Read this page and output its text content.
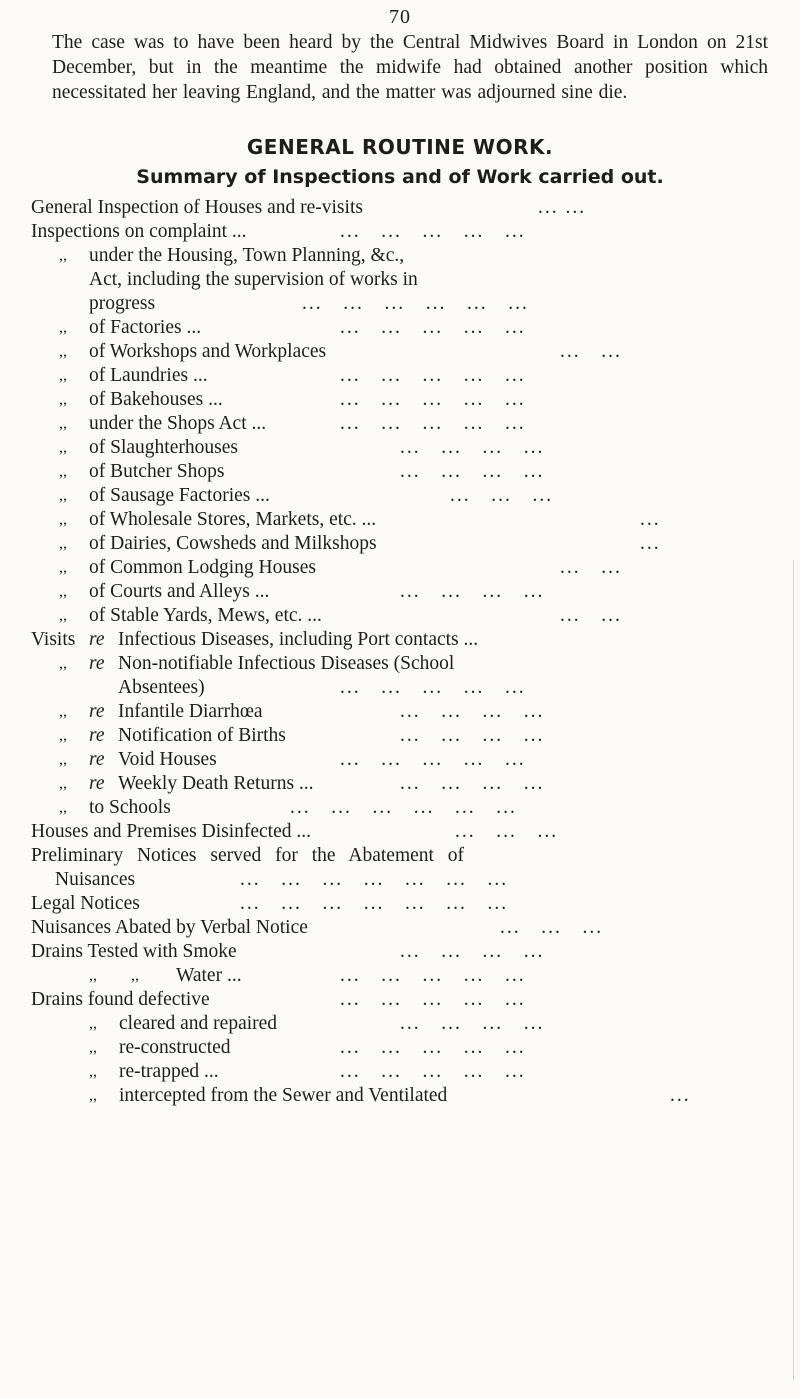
70

The case was to have been heard by the Central Midwives Board in London on 21st December, but in the meantime the midwife had obtained another position which necessitated her leaving England, and the matter was adjourned sine die.

GENERAL ROUTINE WORK.
Summary of Inspections and of Work carried out.
General Inspection of Houses and re-visits	... ...
Inspections on complaint ...	...   ...   ...   ...   ...
,, under the Housing, Town Planning, &c.,
Act, including the supervision of works in
progress	...   ...   ...   ...   ...   ...
,, of Factories ...	...   ...   ...   ...   ...
,, of Workshops and Workplaces	...   ...
,, of Laundries ...	...   ...   ...   ...   ...
,, of Bakehouses ...	...   ...   ...   ...   ...
,, under the Shops Act ...	...   ...   ...   ...   ...
,, of Slaughterhouses	...   ...   ...   ...
,, of Butcher Shops	...   ...   ...   ...
,, of Sausage Factories ...	...   ...   ...
,, of Wholesale Stores, Markets, etc. ...	...
,, of Dairies, Cowsheds and Milkshops	...
,, of Common Lodging Houses	...   ...
,, of Courts and Alleys ...	...   ...   ...   ...
,, of Stable Yards, Mews, etc. ...	...   ...
Visits re Infectious Diseases, including Port contacts ...
,, re Non-notifiable Infectious Diseases (School
Absentees)	...   ...   ...   ...   ...
,, re Infantile Diarrhœa	...   ...   ...   ...
,, re Notification of Births	...   ...   ...   ...
,, re Void Houses	...   ...   ...   ...   ...
,, re Weekly Death Returns ...	...   ...   ...   ...
,, to Schools	...   ...   ...   ...   ...   ...
Houses and Premises Disinfected ...	...   ...   ...
Preliminary Notices served for the Abatement of
Nuisances	...   ...   ...   ...   ...   ...   ...
Legal Notices	...   ...   ...   ...   ...   ...   ...
Nuisances Abated by Verbal Notice	...   ...   ...
Drains Tested with Smoke	...   ...   ...   ...
,, ,, Water ...	...   ...   ...   ...   ...
Drains found defective	...   ...   ...   ...   ...
,, cleared and repaired	...   ...   ...   ...
,, re-constructed	...   ...   ...   ...   ...
,, re-trapped ...	...   ...   ...   ...   ...
,, intercepted from the Sewer and Ventilated	...
